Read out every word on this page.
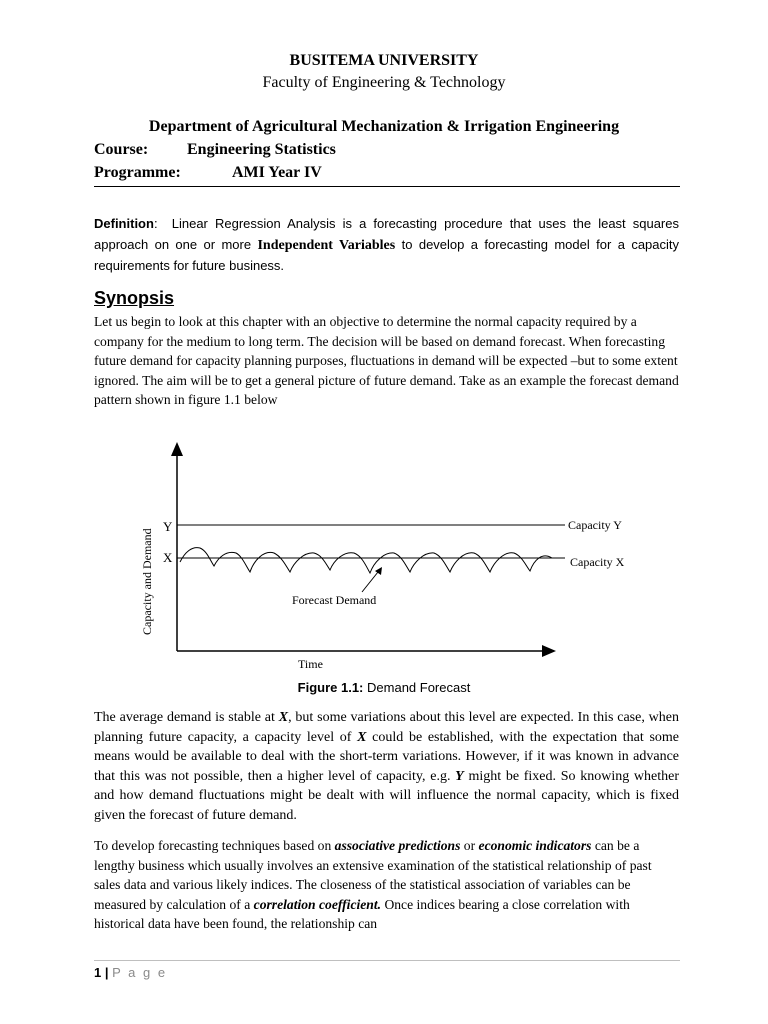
BUSITEMA UNIVERSITY
Faculty of Engineering & Technology
Department of Agricultural Mechanization & Irrigation Engineering
Course: Engineering Statistics
Programme:	AMI Year IV
Definition: Linear Regression Analysis is a forecasting procedure that uses the least squares approach on one or more Independent Variables to develop a forecasting model for a capacity requirements for future business.
Synopsis
Let us begin to look at this chapter with an objective to determine the normal capacity required by a company for the medium to long term. The decision will be based on demand forecast. When forecasting future demand for capacity planning purposes, fluctuations in demand will be expected –but to some extent ignored. The aim will be to get a general picture of future demand. Take as an example the forecast demand pattern shown in figure 1.1 below
Y
X
Capacity Y
Capacity X
Forecast Demand
Time
Capacity and Demand
Figure 1.1: Demand Forecast
The average demand is stable at X, but some variations about this level are expected. In this case, when planning future capacity, a capacity level of X could be established, with the expectation that some means would be available to deal with the short-term variations. However, if it was known in advance that this was not possible, then a higher level of capacity, e.g. Y might be fixed. So knowing whether and how demand fluctuations might be dealt with will influence the normal capacity, which is fixed given the forecast of future demand.
To develop forecasting techniques based on associative predictions or economic indicators can be a lengthy business which usually involves an extensive examination of the statistical relationship of past sales data and various likely indices. The closeness of the statistical association of variables can be measured by calculation of a correlation coefficient. Once indices bearing a close correlation with historical data have been found, the relationship can
1 | P a g e
